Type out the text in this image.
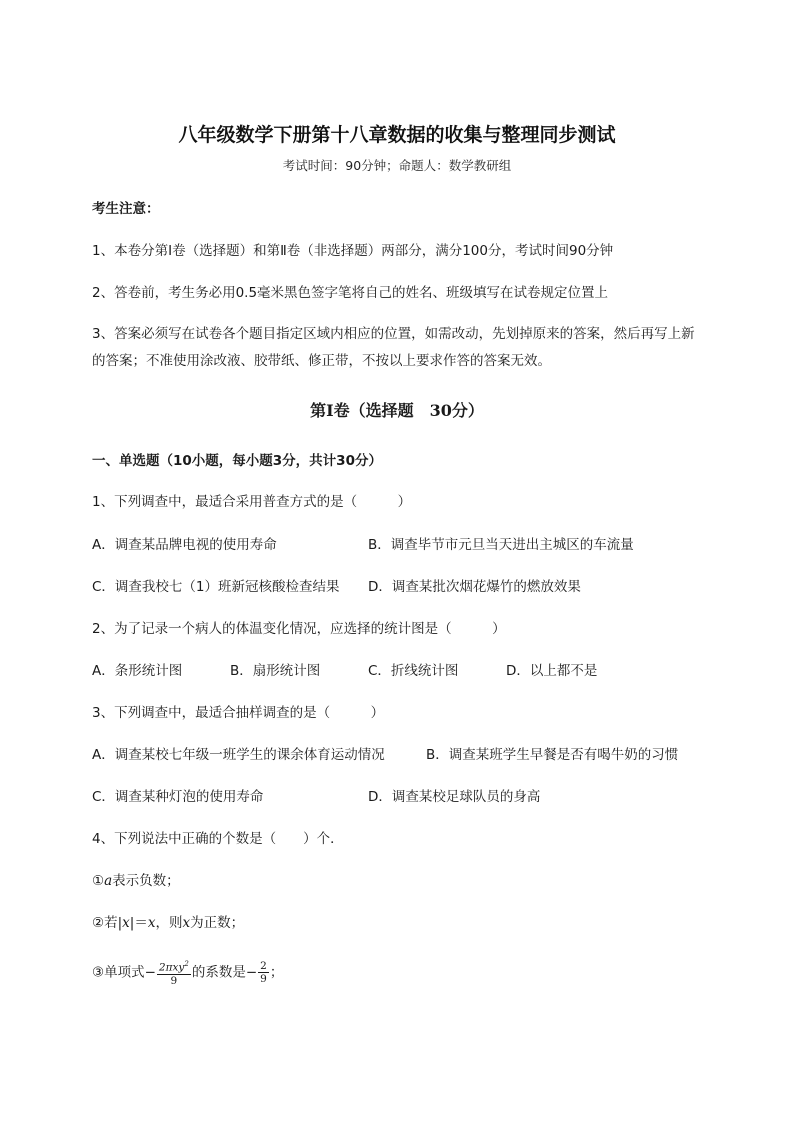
八年级数学下册第十八章数据的收集与整理同步测试
考试时间：90分钟；命题人：数学教研组
考生注意：
1、本卷分第I卷（选择题）和第Ⅱ卷（非选择题）两部分，满分100分，考试时间90分钟
2、答卷前，考生务必用0.5毫米黑色签字笔将自己的姓名、班级填写在试卷规定位置上
3、答案必须写在试卷各个题目指定区域内相应的位置，如需改动，先划掉原来的答案，然后再写上新
的答案；不准使用涂改液、胶带纸、修正带，不按以上要求作答的答案无效。
第I卷（选择题　30分）
一、单选题（10小题，每小题3分，共计30分）
1、下列调查中，最适合采用普查方式的是（　　　）
A．调查某品牌电视的使用寿命	B．调查毕节市元旦当天进出主城区的车流量
C．调查我校七（1）班新冠核酸检查结果 D．调查某批次烟花爆竹的燃放效果
2、为了记录一个病人的体温变化情况，应选择的统计图是（　　　）
A．条形统计图	B．扇形统计图	C．折线统计图	D．以上都不是
3、下列调查中，最适合抽样调查的是（　　　）
A．调查某校七年级一班学生的课余体育运动情况	B．调查某班学生早餐是否有喝牛奶的习惯
C．调查某种灯泡的使用寿命	D．调查某校足球队员的身高
4、下列说法中正确的个数是（　　）个．
①a表示负数；
②若|x|＝x，则x为正数；
③单项式− $\frac{2\pi xy^2}{9}$ 的系数是− $\frac{2}{9}$ ；
